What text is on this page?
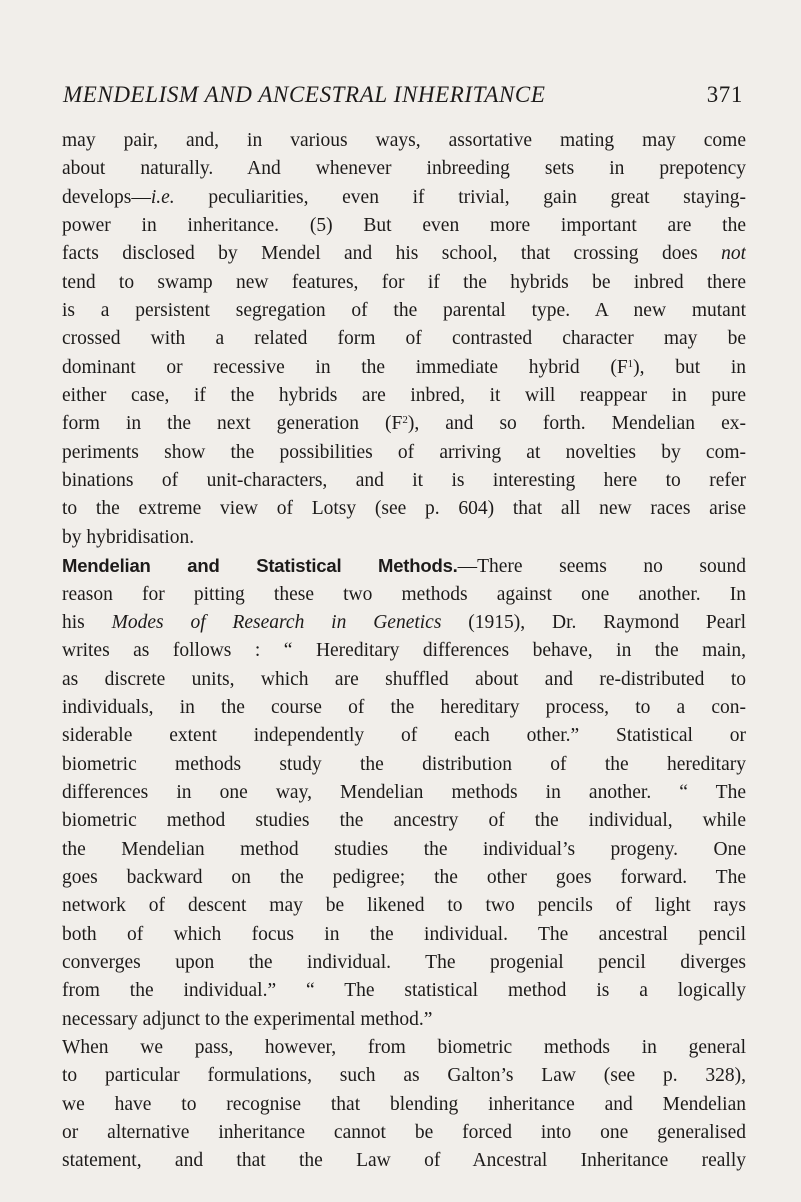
MENDELISM AND ANCESTRAL INHERITANCE	371
may pair, and, in various ways, assortative mating may come
about naturally. And whenever inbreeding sets in prepotency
develops—i.e. peculiarities, even if trivial, gain great staying-
power in inheritance. (5) But even more important are the
facts disclosed by Mendel and his school, that crossing does not
tend to swamp new features, for if the hybrids be inbred there
is a persistent segregation of the parental type. A new mutant
crossed with a related form of contrasted character may be
dominant or recessive in the immediate hybrid $(F^1)$, but in
either case, if the hybrids are inbred, it will reappear in pure
form in the next generation $(F^2)$, and so forth. Mendelian ex-
periments show the possibilities of arriving at novelties by com-
binations of unit-characters, and it is interesting here to refer
to the extreme view of Lotsy (see p. 604) that all new races arise
by hybridisation.
Mendelian and Statistical Methods.—There seems no sound
reason for pitting these two methods against one another. In
his Modes of Research in Genetics (1915), Dr. Raymond Pearl
writes as follows : “ Hereditary differences behave, in the main,
as discrete units, which are shuffled about and re-distributed to
individuals, in the course of the hereditary process, to a con-
siderable extent independently of each other.” Statistical or
biometric methods study the distribution of the hereditary
differences in one way, Mendelian methods in another. “ The
biometric method studies the ancestry of the individual, while
the Mendelian method studies the individual’s progeny. One
goes backward on the pedigree; the other goes forward. The
network of descent may be likened to two pencils of light rays
both of which focus in the individual. The ancestral pencil
converges upon the individual. The progenial pencil diverges
from the individual.” “ The statistical method is a logically
necessary adjunct to the experimental method.”
When we pass, however, from biometric methods in general
to particular formulations, such as Galton’s Law (see p. 328),
we have to recognise that blending inheritance and Mendelian
or alternative inheritance cannot be forced into one generalised
statement, and that the Law of Ancestral Inheritance really
